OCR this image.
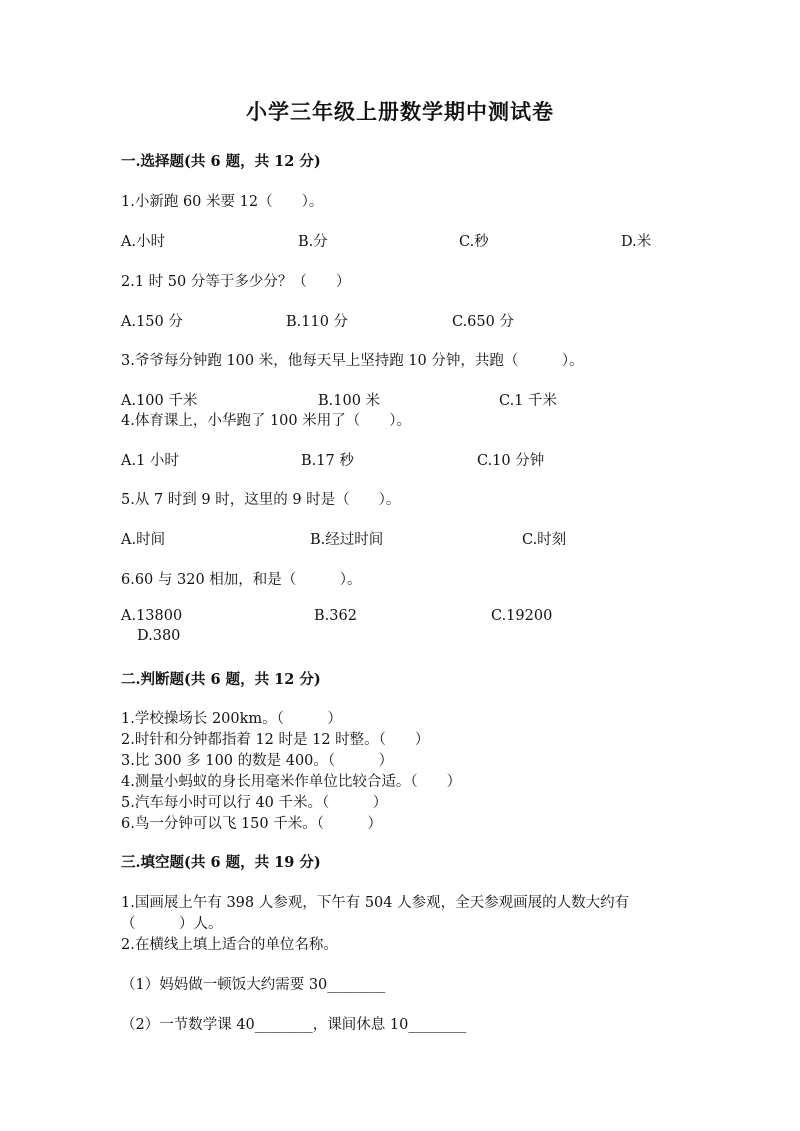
小学三年级上册数学期中测试卷
一.选择题(共 6 题，共 12 分)
1.小新跑 60 米要 12（　　）。
A.小时	B.分	C.秒	D.米
2.1 时 50 分等于多少分？（　　）
A.150 分	B.110 分	C.650 分
3.爷爷每分钟跑 100 米，他每天早上坚持跑 10 分钟，共跑（　　　）。
A.100 千米	B.100 米	C.1 千米
4.体育课上，小华跑了 100 米用了（　　）。
A.1 小时	B.17 秒	C.10 分钟
5.从 7 时到 9 时，这里的 9 时是（　　）。
A.时间	B.经过时间	C.时刻
6.60 与 320 相加，和是（　　　）。
A.13800	B.362	C.19200
D.380
二.判断题(共 6 题，共 12 分)
1.学校操场长 200km。（　　　）
2.时针和分钟都指着 12 时是 12 时整。（　　）
3.比 300 多 100 的数是 400。（　　　）
4.测量小蚂蚁的身长用毫米作单位比较合适。（　　）
5.汽车每小时可以行 40 千米。（　　　）
6.鸟一分钟可以飞 150 千米。（　　　）
三.填空题(共 6 题，共 19 分)
1.国画展上午有 398 人参观，下午有 504 人参观，全天参观画展的人数大约有
（　　　）人。
2.在横线上填上适合的单位名称。
（1）妈妈做一顿饭大约需要 30________
（2）一节数学课 40________，课间休息 10________
